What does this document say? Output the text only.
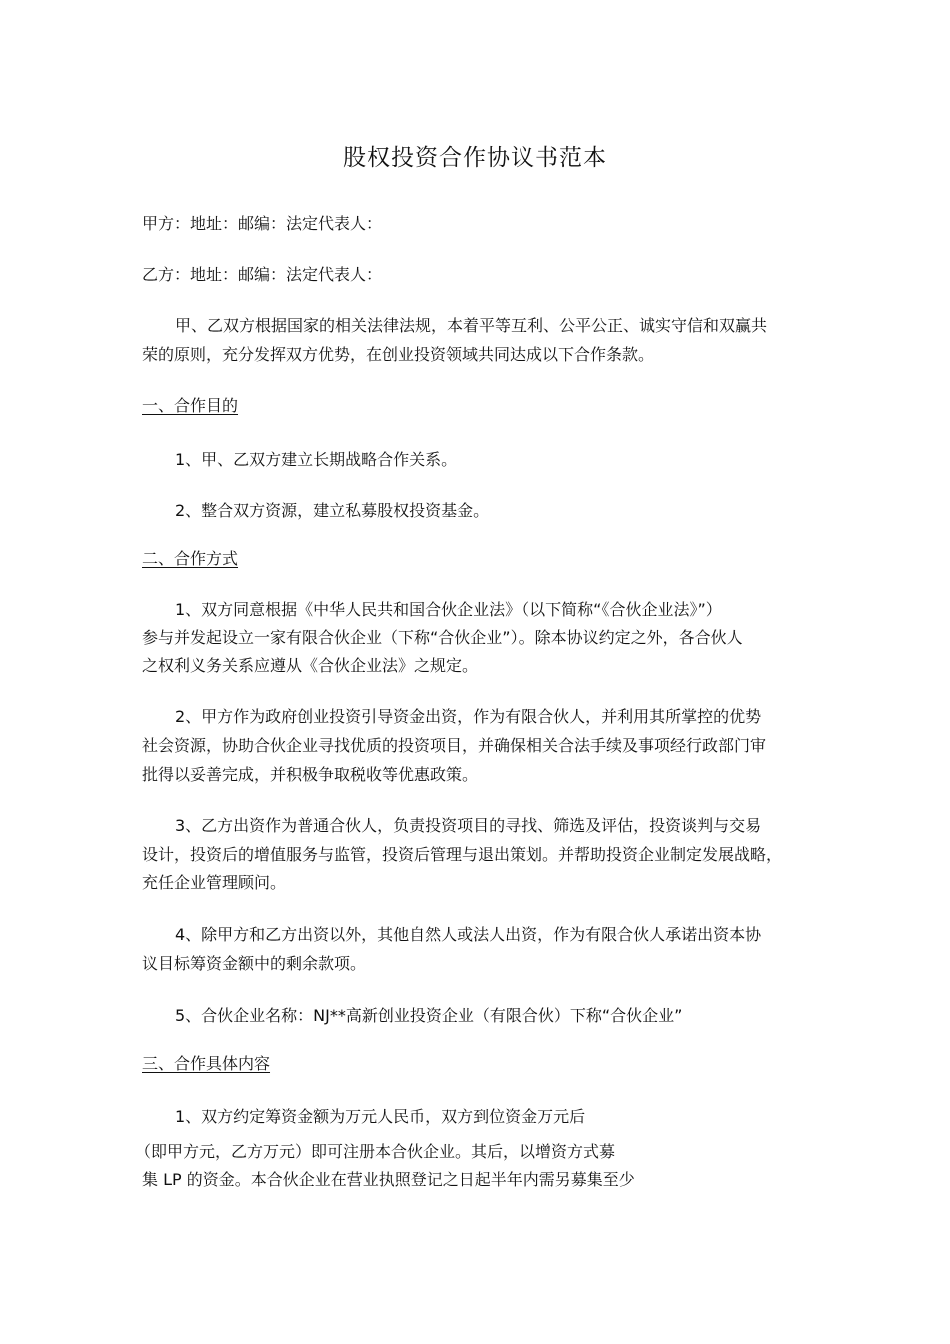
股权投资合作协议书范本
甲方：地址：邮编：法定代表人：
乙方：地址：邮编：法定代表人：
甲、乙双方根据国家的相关法律法规，本着平等互利、公平公正、诚实守信和双赢共
荣的原则，充分发挥双方优势，在创业投资领域共同达成以下合作条款。
一、合作目的
1、甲、乙双方建立长期战略合作关系。
2、整合双方资源，建立私募股权投资基金。
二、合作方式
1、双方同意根据《中华人民共和国合伙企业法》（以下简称“《合伙企业法》”）
参与并发起设立一家有限合伙企业（下称“合伙企业”）。除本协议约定之外，各合伙人
之权利义务关系应遵从《合伙企业法》之规定。
2、甲方作为政府创业投资引导资金出资，作为有限合伙人，并利用其所掌控的优势
社会资源，协助合伙企业寻找优质的投资项目，并确保相关合法手续及事项经行政部门审
批得以妥善完成，并积极争取税收等优惠政策。
3、乙方出资作为普通合伙人，负责投资项目的寻找、筛选及评估，投资谈判与交易
设计，投资后的增值服务与监管，投资后管理与退出策划。并帮助投资企业制定发展战略，
充任企业管理顾问。
4、除甲方和乙方出资以外，其他自然人或法人出资，作为有限合伙人承诺出资本协
议目标筹资金额中的剩余款项。
5、合伙企业名称：NJ**高新创业投资企业（有限合伙）下称“合伙企业”
三、合作具体内容
1、双方约定筹资金额为万元人民币，双方到位资金万元后
（即甲方元，乙方万元）即可注册本合伙企业。其后，以增资方式募
集 LP 的资金。本合伙企业在营业执照登记之日起半年内需另募集至少
